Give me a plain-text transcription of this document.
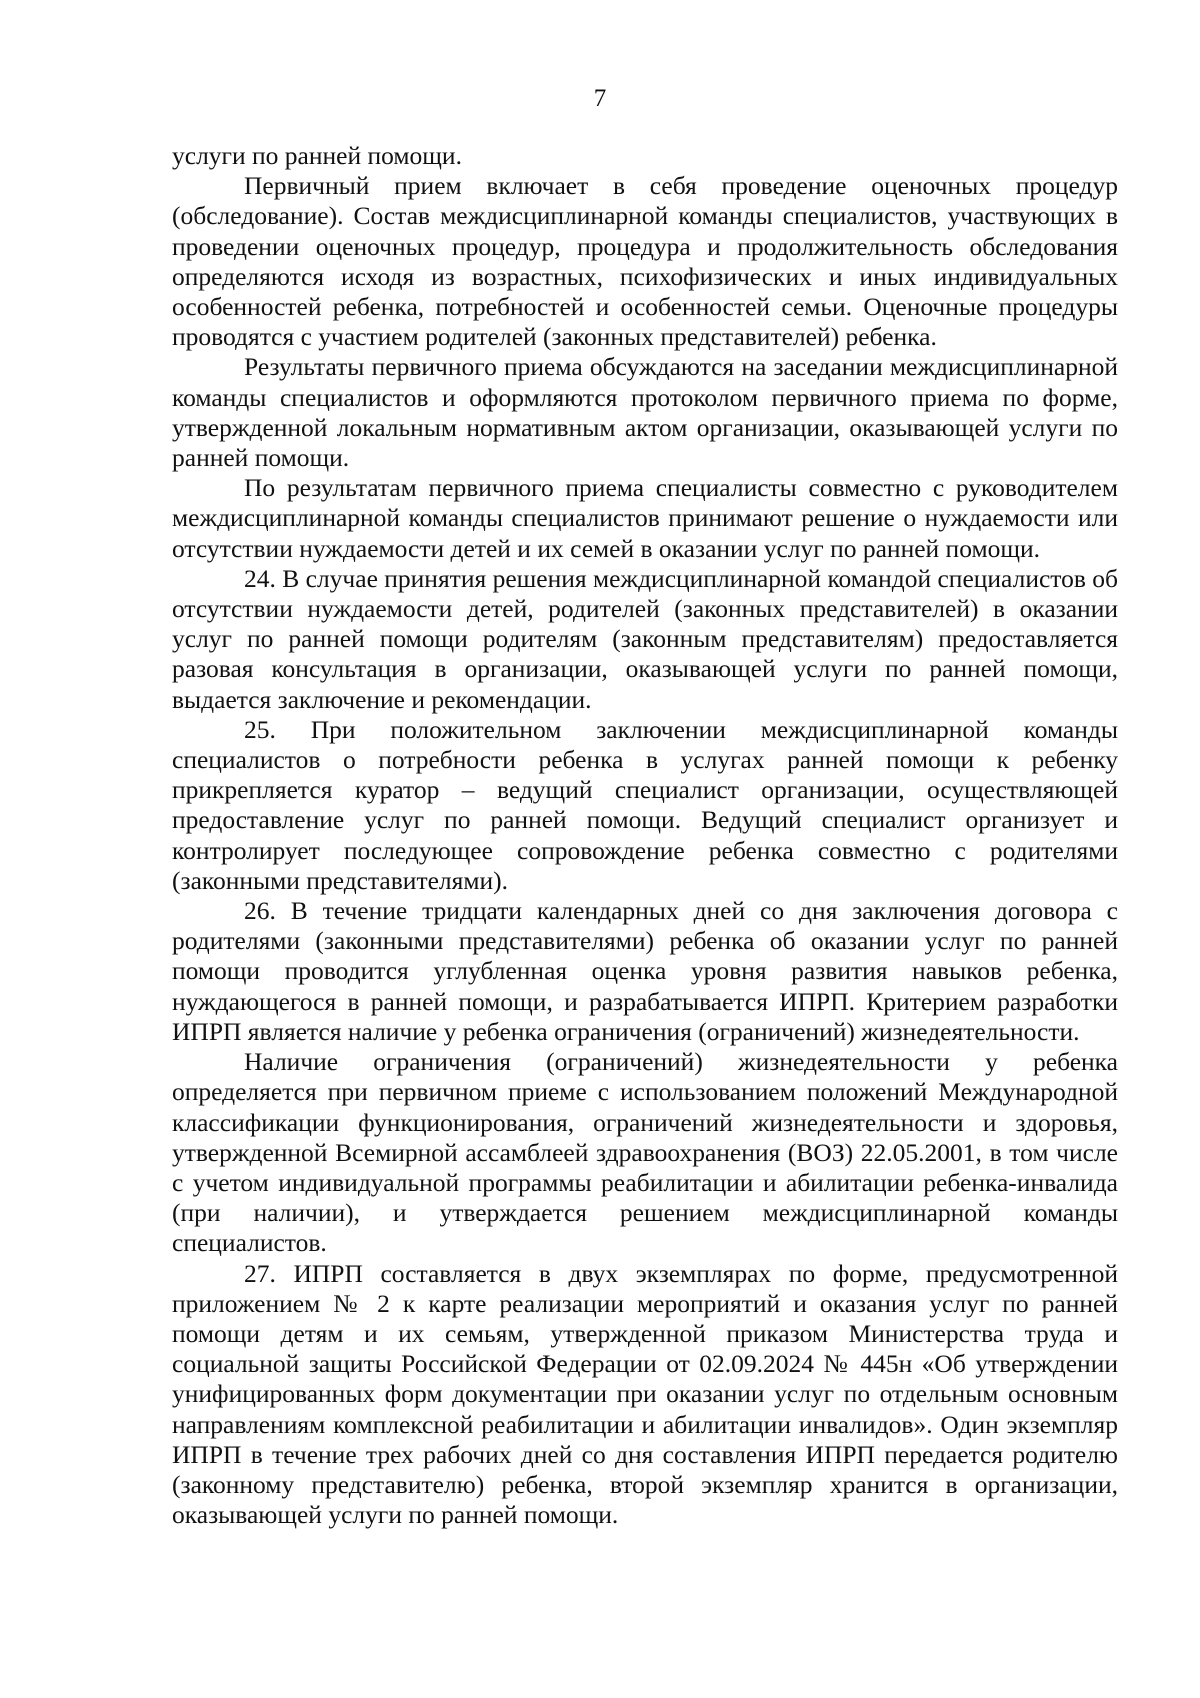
7

услуги по ранней помощи.

Первичный прием включает в себя проведение оценочных процедур (обследование). Состав междисциплинарной команды специалистов, участвующих в проведении оценочных процедур, процедура и продолжительность обследования определяются исходя из возрастных, психофизических и иных индивидуальных особенностей ребенка, потребностей и особенностей семьи. Оценочные процедуры проводятся с участием родителей (законных представителей) ребенка.

Результаты первичного приема обсуждаются на заседании междисциплинарной команды специалистов и оформляются протоколом первичного приема по форме, утвержденной локальным нормативным актом организации, оказывающей услуги по ранней помощи.

По результатам первичного приема специалисты совместно с руководителем междисциплинарной команды специалистов принимают решение о нуждаемости или отсутствии нуждаемости детей и их семей в оказании услуг по ранней помощи.

24. В случае принятия решения междисциплинарной командой специалистов об отсутствии нуждаемости детей, родителей (законных представителей) в оказании услуг по ранней помощи родителям (законным представителям) предоставляется разовая консультация в организации, оказывающей услуги по ранней помощи, выдается заключение и рекомендации.

25. При положительном заключении междисциплинарной команды специалистов о потребности ребенка в услугах ранней помощи к ребенку прикрепляется куратор – ведущий специалист организации, осуществляющей предоставление услуг по ранней помощи. Ведущий специалист организует и контролирует последующее сопровождение ребенка совместно с родителями (законными представителями).

26. В течение тридцати календарных дней со дня заключения договора с родителями (законными представителями) ребенка об оказании услуг по ранней помощи проводится углубленная оценка уровня развития навыков ребенка, нуждающегося в ранней помощи, и разрабатывается ИПРП. Критерием разработки ИПРП является наличие у ребенка ограничения (ограничений) жизнедеятельности.

Наличие ограничения (ограничений) жизнедеятельности у ребенка определяется при первичном приеме с использованием положений Международной классификации функционирования, ограничений жизнедеятельности и здоровья, утвержденной Всемирной ассамблеей здравоохранения (ВОЗ) 22.05.2001, в том числе с учетом индивидуальной программы реабилитации и абилитации ребенка-инвалида (при наличии), и утверждается решением междисциплинарной команды специалистов.

27. ИПРП составляется в двух экземплярах по форме, предусмотренной приложением № 2 к карте реализации мероприятий и оказания услуг по ранней помощи детям и их семьям, утвержденной приказом Министерства труда и социальной защиты Российской Федерации от 02.09.2024 № 445н «Об утверждении унифицированных форм документации при оказании услуг по отдельным основным направлениям комплексной реабилитации и абилитации инвалидов». Один экземпляр ИПРП в течение трех рабочих дней со дня составления ИПРП передается родителю (законному представителю) ребенка, второй экземпляр хранится в организации, оказывающей услуги по ранней помощи.
